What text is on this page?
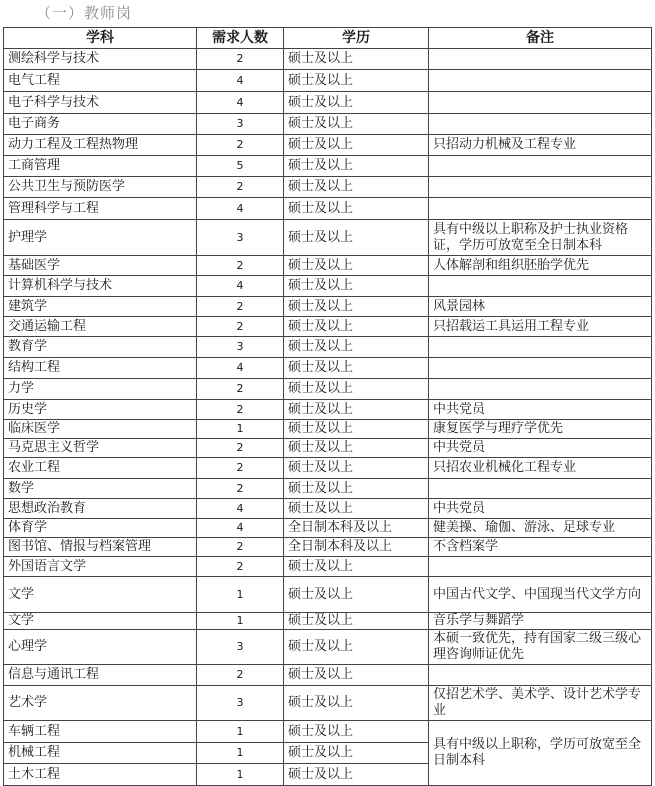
（一）教师岗
学科	需求人数	学历	备注
测绘科学与技术	2	硕士及以上	
电气工程	4	硕士及以上	
电子科学与技术	4	硕士及以上	
电子商务	3	硕士及以上	
动力工程及工程热物理	2	硕士及以上	只招动力机械及工程专业
工商管理	5	硕士及以上	
公共卫生与预防医学	2	硕士及以上	
管理科学与工程	4	硕士及以上	
护理学	3	硕士及以上	具有中级以上职称及护士执业资格证，学历可放宽至全日制本科
基础医学	2	硕士及以上	人体解剖和组织胚胎学优先
计算机科学与技术	4	硕士及以上	
建筑学	2	硕士及以上	风景园林
交通运输工程	2	硕士及以上	只招载运工具运用工程专业
教育学	3	硕士及以上	
结构工程	4	硕士及以上	
力学	2	硕士及以上	
历史学	2	硕士及以上	中共党员
临床医学	1	硕士及以上	康复医学与理疗学优先
马克思主义哲学	2	硕士及以上	中共党员
农业工程	2	硕士及以上	只招农业机械化工程专业
数学	2	硕士及以上	
思想政治教育	4	硕士及以上	中共党员
体育学	4	全日制本科及以上	健美操、瑜伽、游泳、足球专业
图书馆、情报与档案管理	2	全日制本科及以上	不含档案学
外国语言文学	2	硕士及以上	
文学	1	硕士及以上	中国古代文学、中国现当代文学方向
文学	1	硕士及以上	音乐学与舞蹈学
心理学	3	硕士及以上	本硕一致优先，持有国家二级三级心理咨询师证优先
信息与通讯工程	2	硕士及以上	
艺术学	3	硕士及以上	仅招艺术学、美术学、设计艺术学专业
车辆工程	1	硕士及以上	具有中级以上职称，学历可放宽至全日制本科
机械工程	1	硕士及以上	
土木工程	1	硕士及以上	
